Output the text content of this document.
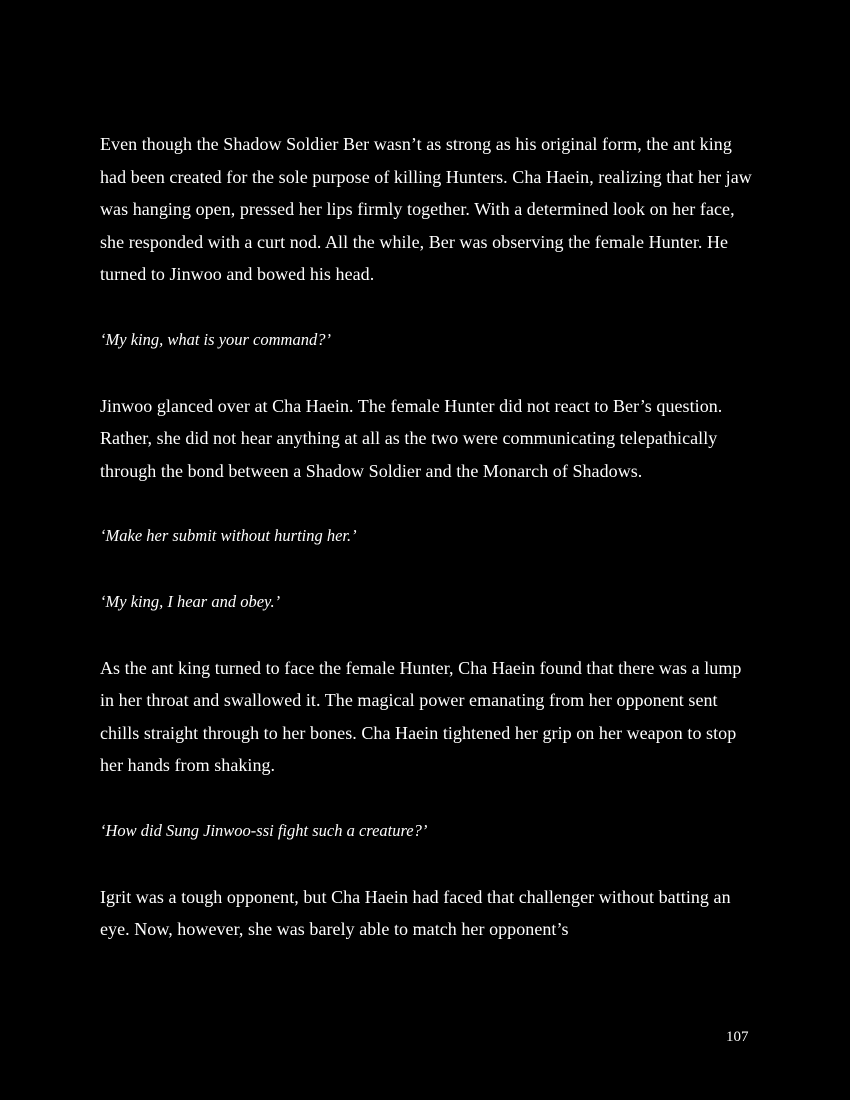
Even though the Shadow Soldier Ber wasn’t as strong as his original form, the ant king had been created for the sole purpose of killing Hunters. Cha Haein, realizing that her jaw was hanging open, pressed her lips firmly together. With a determined look on her face, she responded with a curt nod. All the while, Ber was observing the female Hunter. He turned to Jinwoo and bowed his head.

‘My king, what is your command?’

Jinwoo glanced over at Cha Haein. The female Hunter did not react to Ber’s question. Rather, she did not hear anything at all as the two were communicating telepathically through the bond between a Shadow Soldier and the Monarch of Shadows.

‘Make her submit without hurting her.’

‘My king, I hear and obey.’

As the ant king turned to face the female Hunter, Cha Haein found that there was a lump in her throat and swallowed it. The magical power emanating from her opponent sent chills straight through to her bones. Cha Haein tightened her grip on her weapon to stop her hands from shaking.

‘How did Sung Jinwoo-ssi fight such a creature?’

Igrit was a tough opponent, but Cha Haein had faced that challenger without batting an eye. Now, however, she was barely able to match her opponent’s

107
